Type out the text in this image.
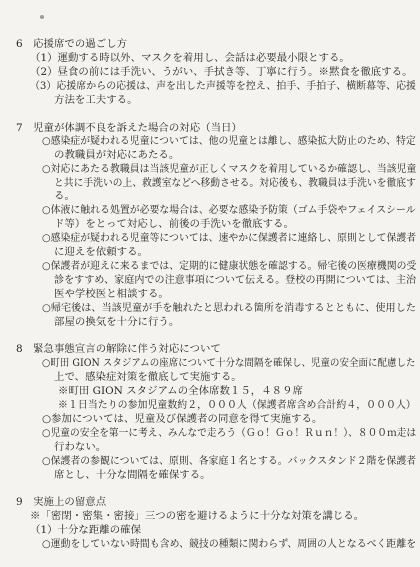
6　応援席での過ごし方
（1）運動する時以外、マスクを着用し、会話は必要最小限とする。
（2）昼食の前には手洗い、うがい、手拭き等、丁寧に行う。※黙食を徹底する。
（3）応援席からの応援は、声を出した声援等を控え、拍手、手拍子、横断幕等、応援
方法を工夫する。
7　児童が体調不良を訴えた場合の対応（当日）
○感染症が疑われる児童については、他の児童とは離し、感染拡大防止のため、特定
の教職員が対応にあたる。
○対応にあたる教職員は当該児童が正しくマスクを着用しているか確認し、当該児童
と共に手洗いの上、救護室などへ移動させる。対応後も、教職員は手洗いを徹底す
る。
○体液に触れる処置が必要な場合は、必要な感染予防策（ゴム手袋やフェイスシール
ド等）をとって対応し、前後の手洗いを徹底する。
○感染症が疑われる児童等については、速やかに保護者に連絡し、原則として保護者
に迎えを依頼する。
○保護者が迎えに来るまでは、定期的に健康状態を確認する。帰宅後の医療機関の受
診をすすめ、家庭内での注意事項について伝える。登校の再開については、主治
医や学校医と相談する。
○帰宅後は、当該児童が手を触れたと思われる箇所を消毒するとともに、使用した
部屋の換気を十分に行う。
8　緊急事態宣言の解除に伴う対応について
○町田 GION スタジアムの座席について十分な間隔を確保し、児童の安全面に配慮した
上で、感染症対策を徹底して実施する。
※町田 GION スタジアムの全体席数１５，４８９席
※１日当たりの参加児童数約２，０００人（保護者席含め合計約４，０００人）
○参加については、児童及び保護者の同意を得て実施する。
○児童の安全を第一に考え、みんなで走ろう（Ｇｏ！Ｇｏ！Ｒｕｎ！）、８００ｍ走は
行わない。
○保護者の参観については、原則、各家庭１名とする。バックスタンド２階を保護者
席とし、十分な間隔を確保する。
9　実施上の留意点
※「密閉・密集・密接」三つの密を避けるように十分な対策を講じる。
（1）十分な距離の確保
○運動をしていない時間も含め、競技の種類に関わらず、周囲の人となるべく距離を
